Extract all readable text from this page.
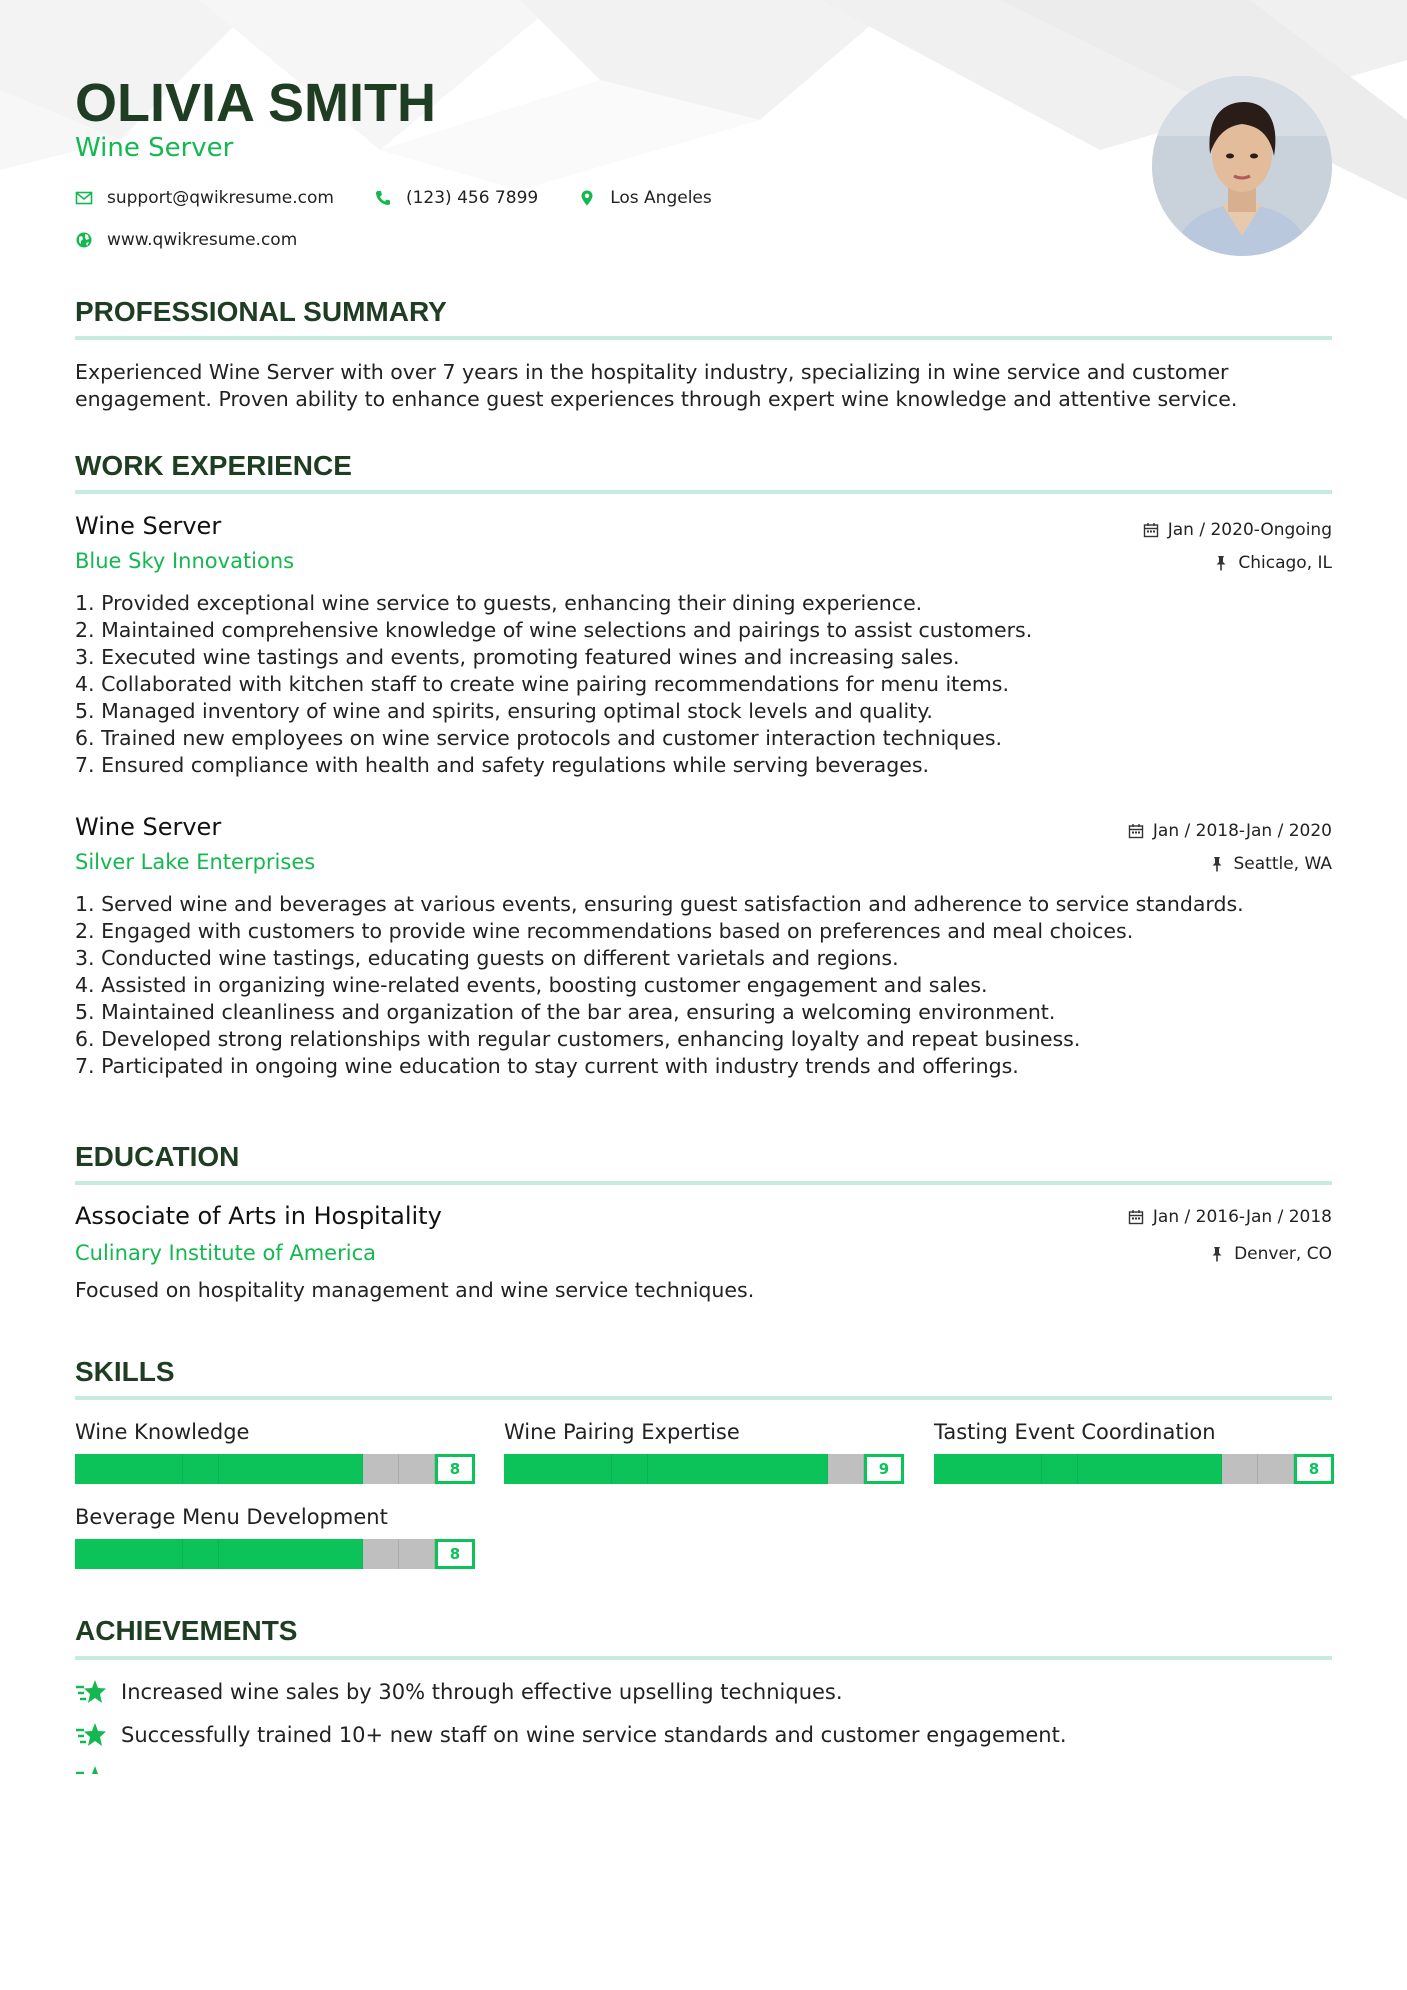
OLIVIA SMITH
Wine Server
support@qwikresume.com	(123) 456 7899	Los Angeles
www.qwikresume.com
PROFESSIONAL SUMMARY

Experienced Wine Server with over 7 years in the hospitality industry, specializing in wine service and customer engagement. Proven ability to enhance guest experiences through expert wine knowledge and attentive service.

WORK EXPERIENCE
Wine Server	Jan / 2020-Ongoing
Blue Sky Innovations	Chicago, IL
1. Provided exceptional wine service to guests, enhancing their dining experience.
2. Maintained comprehensive knowledge of wine selections and pairings to assist customers.
3. Executed wine tastings and events, promoting featured wines and increasing sales.
4. Collaborated with kitchen staff to create wine pairing recommendations for menu items.
5. Managed inventory of wine and spirits, ensuring optimal stock levels and quality.
6. Trained new employees on wine service protocols and customer interaction techniques.
7. Ensured compliance with health and safety regulations while serving beverages.
Wine Server	Jan / 2018-Jan / 2020
Silver Lake Enterprises	Seattle, WA
1. Served wine and beverages at various events, ensuring guest satisfaction and adherence to service standards.
2. Engaged with customers to provide wine recommendations based on preferences and meal choices.
3. Conducted wine tastings, educating guests on different varietals and regions.
4. Assisted in organizing wine-related events, boosting customer engagement and sales.
5. Maintained cleanliness and organization of the bar area, ensuring a welcoming environment.
6. Developed strong relationships with regular customers, enhancing loyalty and repeat business.
7. Participated in ongoing wine education to stay current with industry trends and offerings.
EDUCATION
Associate of Arts in Hospitality	Jan / 2016-Jan / 2018
Culinary Institute of America	Denver, CO

Focused on hospitality management and wine service techniques.

SKILLS
Wine Knowledge
8
Wine Pairing Expertise
9
Tasting Event Coordination
8
Beverage Menu Development
8
ACHIEVEMENTS
Increased wine sales by 30% through effective upselling techniques.
Successfully trained 10+ new staff on wine service standards and customer engagement.
